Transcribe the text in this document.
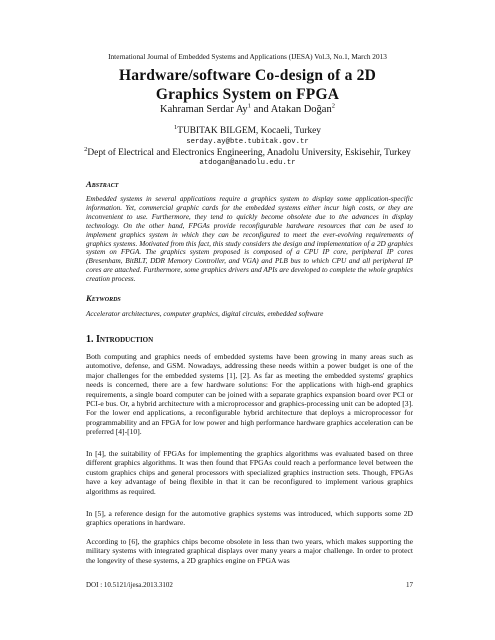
International Journal of Embedded Systems and Applications (IJESA) Vol.3, No.1, March 2013
Hardware/software Co-design of a 2D
Graphics System on FPGA
Kahraman Serdar Ay$^1$ and Atakan Doğan$^2$
$^1$TUBITAK BILGEM, Kocaeli, Turkey
serday.ay@bte.tubitak.gov.tr
$^2$Dept of Electrical and Electronics Engineering, Anadolu University, Eskisehir, Turkey
atdogan@anadolu.edu.tr
Abstract

Embedded systems in several applications require a graphics system to display some application-specific information. Yet, commercial graphic cards for the embedded systems either incur high costs, or they are inconvenient to use. Furthermore, they tend to quickly become obsolete due to the advances in display technology. On the other hand, FPGAs provide reconfigurable hardware resources that can be used to implement graphics system in which they can be reconfigured to meet the ever-evolving requirements of graphics systems. Motivated from this fact, this study considers the design and implementation of a 2D graphics system on FPGA. The graphics system proposed is composed of a CPU IP core, peripheral IP cores (Bresenham, BitBLT, DDR Memory Controller, and VGA) and PLB bus to which CPU and all peripheral IP cores are attached. Furthermore, some graphics drivers and APIs are developed to complete the whole graphics creation process.

Keywords

Accelerator architectures, computer graphics, digital circuits, embedded software

1. Introduction

Both computing and graphics needs of embedded systems have been growing in many areas such as automotive, defense, and GSM. Nowadays, addressing these needs within a power budget is one of the major challenges for the embedded systems [1], [2]. As far as meeting the embedded systems' graphics needs is concerned, there are a few hardware solutions: For the applications with high-end graphics requirements, a single board computer can be joined with a separate graphics expansion board over PCI or PCI-e bus. Or, a hybrid architecture with a microprocessor and graphics-processing unit can be adopted [3]. For the lower end applications, a reconfigurable hybrid architecture that deploys a microprocessor for programmability and an FPGA for low power and high performance hardware graphics acceleration can be preferred [4]-[10].

In [4], the suitability of FPGAs for implementing the graphics algorithms was evaluated based on three different graphics algorithms. It was then found that FPGAs could reach a performance level between the custom graphics chips and general processors with specialized graphics instruction sets. Though, FPGAs have a key advantage of being flexible in that it can be reconfigured to implement various graphics algorithms as required.

In [5], a reference design for the automotive graphics systems was introduced, which supports some 2D graphics operations in hardware.

According to [6], the graphics chips become obsolete in less than two years, which makes supporting the military systems with integrated graphical displays over many years a major challenge. In order to protect the longevity of these systems, a 2D graphics engine on FPGA was

DOI : 10.5121/ijesa.2013.3102	17
